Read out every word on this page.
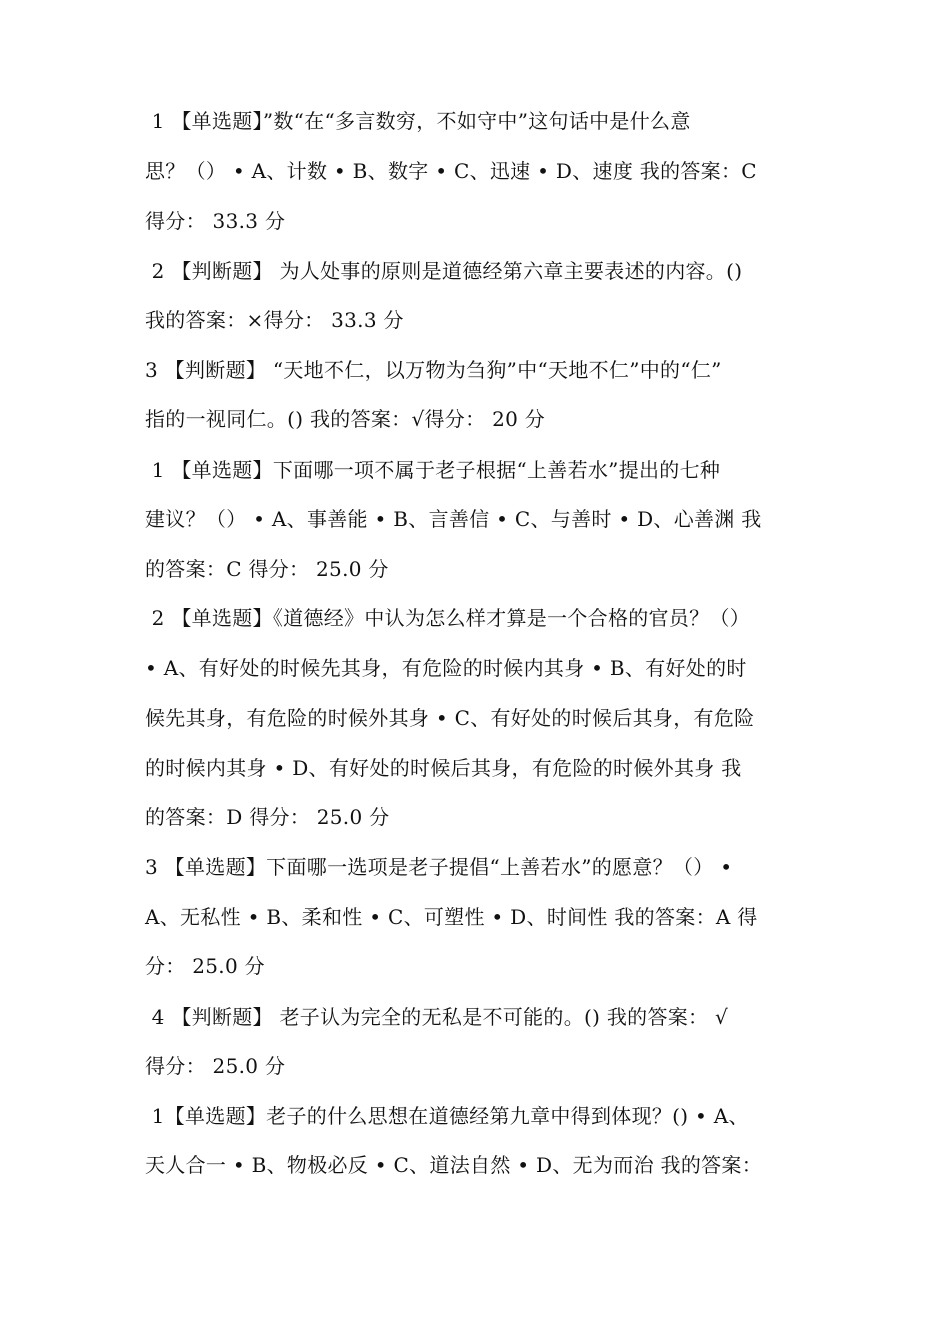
1 【单选题】”数“在“多言数穷，不如守中”这句话中是什么意
思？（） • A、计数 • B、数字 • C、迅速 • D、速度 我的答案：C
得分： 33.3 分
2 【判断题】 为人处事的原则是道德经第六章主要表述的内容。()
我的答案：×得分： 33.3 分
3 【判断题】 “天地不仁，以万物为刍狗”中“天地不仁”中的“仁”
指的一视同仁。() 我的答案：√得分： 20 分
1 【单选题】下面哪一项不属于老子根据“上善若水”提出的七种
建议？（） • A、事善能 • B、言善信 • C、与善时 • D、心善渊 我
的答案：C 得分： 25.0 分
2 【单选题】《道德经》中认为怎么样才算是一个合格的官员？（）
• A、有好处的时候先其身，有危险的时候内其身 • B、有好处的时
候先其身，有危险的时候外其身 • C、有好处的时候后其身，有危险
的时候内其身 • D、有好处的时候后其身，有危险的时候外其身 我
的答案：D 得分： 25.0 分
3 【单选题】下面哪一选项是老子提倡“上善若水”的愿意？（） •
A、无私性 • B、柔和性 • C、可塑性 • D、时间性 我的答案：A 得
分： 25.0 分
4 【判断题】 老子认为完全的无私是不可能的。() 我的答案： √
得分： 25.0 分
1【单选题】老子的什么思想在道德经第九章中得到体现？() • A、
天人合一 • B、物极必反 • C、道法自然 • D、无为而治 我的答案：
